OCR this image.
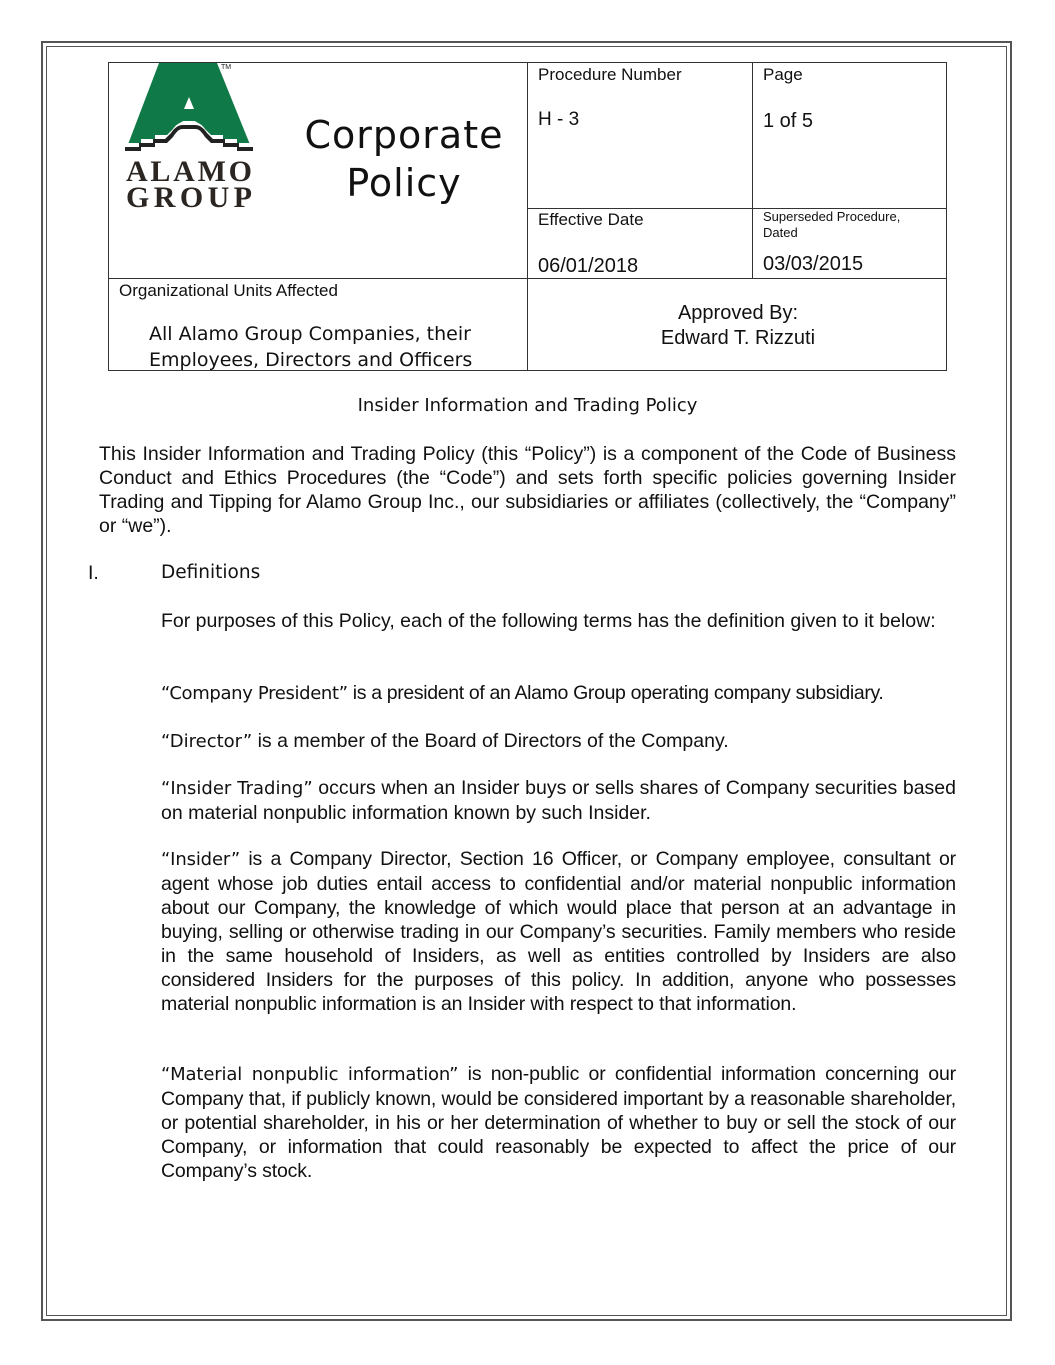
TM
ALAMO
GROUP
Corporate
Policy
Procedure Number
H - 3
Page
1 of 5
Effective Date
06/01/2018
Superseded Procedure, Dated
03/03/2015
Organizational Units Affected
All Alamo Group Companies, their
Employees, Directors and Officers
Approved By:
Edward T. Rizzuti
Insider Information and Trading Policy
This Insider Information and Trading Policy (this “Policy”) is a component of the Code of Business Conduct and Ethics Procedures (the “Code”) and sets forth specific policies governing Insider Trading and Tipping for Alamo Group Inc., our subsidiaries or affiliates (collectively, the “Company” or “we”).
I.	Definitions
For purposes of this Policy, each of the following terms has the definition given to it below:
“Company President” is a president of an Alamo Group operating company subsidiary.
“Director” is a member of the Board of Directors of the Company.
“Insider Trading” occurs when an Insider buys or sells shares of Company securities based on material nonpublic information known by such Insider.
“Insider” is a Company Director, Section 16 Officer, or Company employee, consultant or agent whose job duties entail access to confidential and/or material nonpublic information about our Company, the knowledge of which would place that person at an advantage in buying, selling or otherwise trading in our Company’s securities. Family members who reside in the same household of Insiders, as well as entities controlled by Insiders are also considered Insiders for the purposes of this policy. In addition, anyone who possesses material nonpublic information is an Insider with respect to that information.
“Material nonpublic information” is non-public or confidential information concerning our Company that, if publicly known, would be considered important by a reasonable shareholder, or potential shareholder, in his or her determination of whether to buy or sell the stock of our Company, or information that could reasonably be expected to affect the price of our Company’s stock.
